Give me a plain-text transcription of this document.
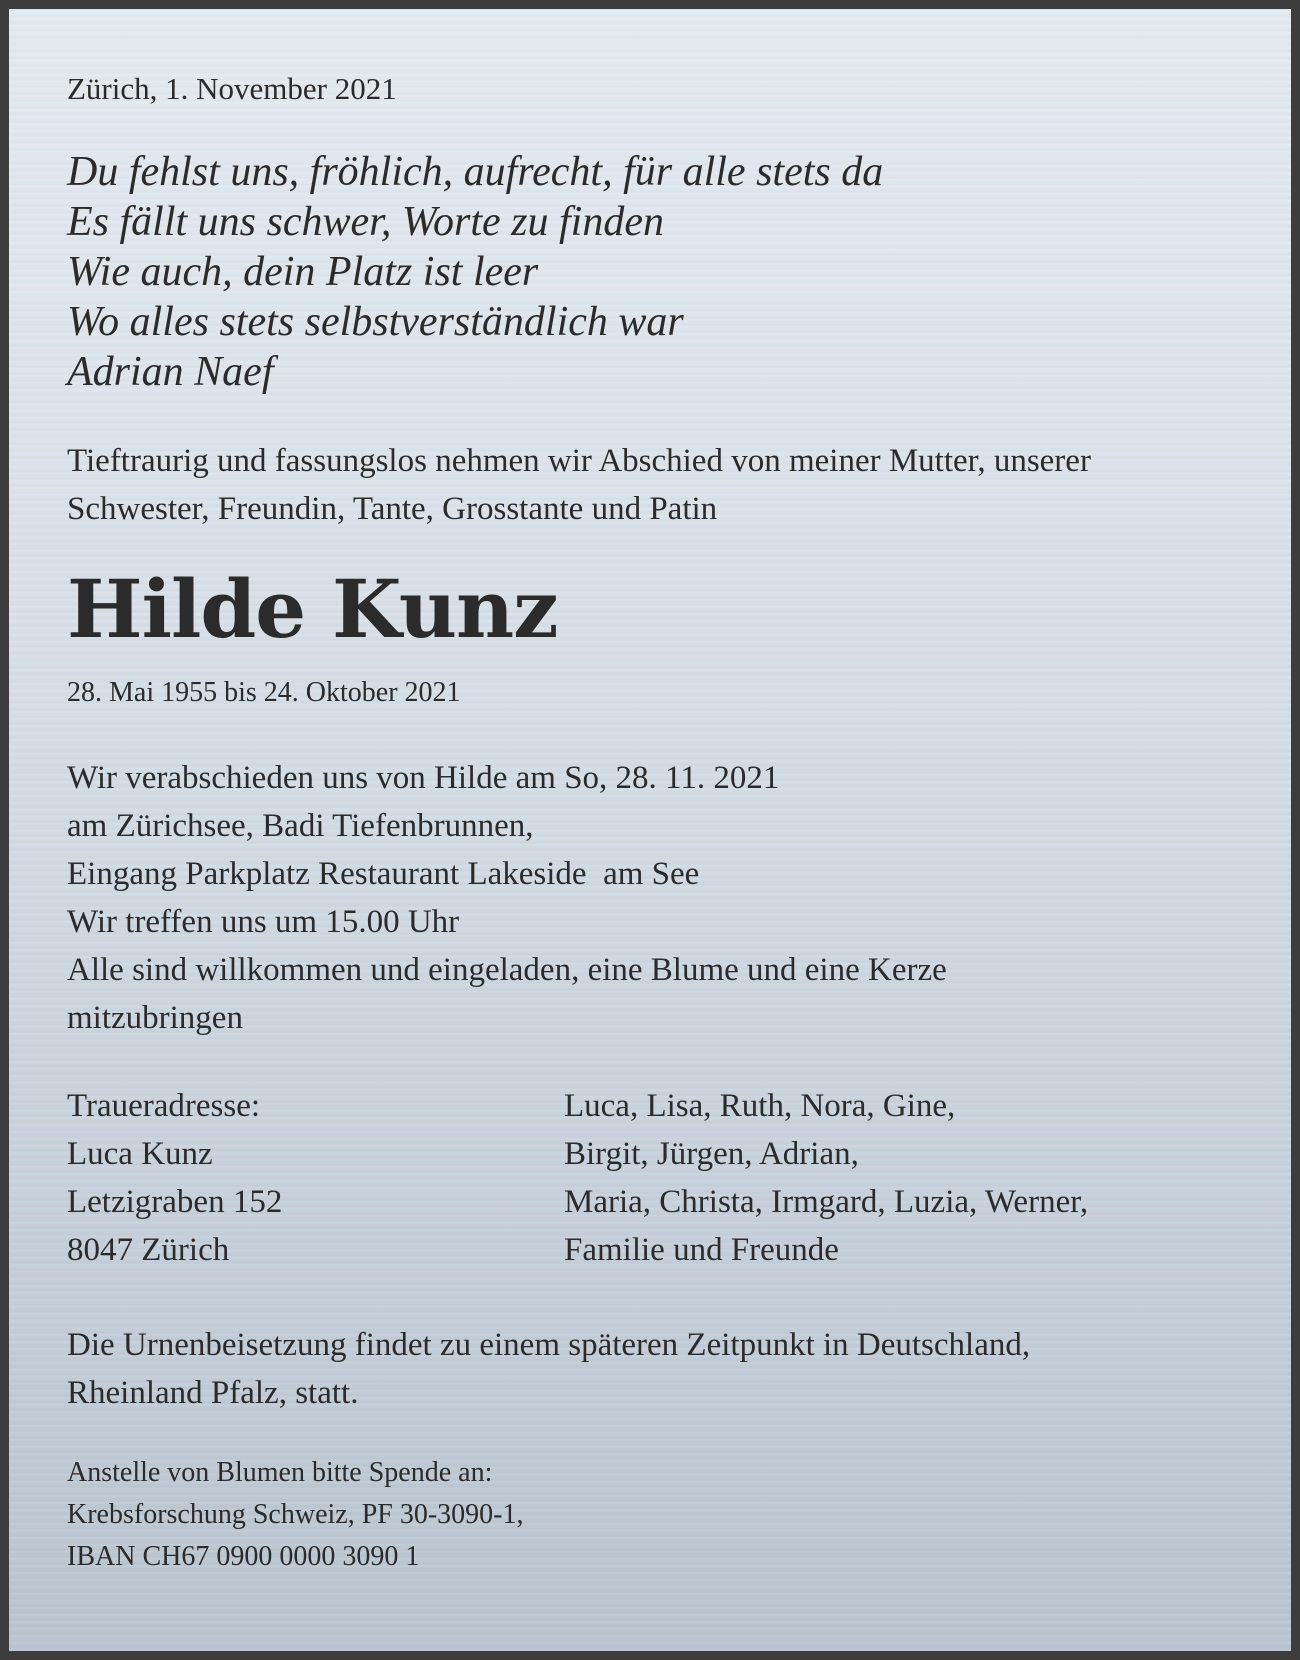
Zürich, 1. November 2021
Du fehlst uns, fröhlich, aufrecht, für alle stets da
Es fällt uns schwer, Worte zu finden
Wie auch, dein Platz ist leer
Wo alles stets selbstverständlich war
Adrian Naef
Tieftraurig und fassungslos nehmen wir Abschied von meiner Mutter, unserer
Schwester, Freundin, Tante, Grosstante und Patin
Hilde Kunz
28. Mai 1955 bis 24. Oktober 2021
Wir verabschieden uns von Hilde am So, 28. 11. 2021
am Zürichsee, Badi Tiefenbrunnen,
Eingang Parkplatz Restaurant Lakeside  am See
Wir treffen uns um 15.00 Uhr
Alle sind willkommen und eingeladen, eine Blume und eine Kerze
mitzubringen
Traueradresse:
Luca Kunz
Letzigraben 152
8047 Zürich
Luca, Lisa, Ruth, Nora, Gine,
Birgit, Jürgen, Adrian,
Maria, Christa, Irmgard, Luzia, Werner,
Familie und Freunde
Die Urnenbeisetzung findet zu einem späteren Zeitpunkt in Deutschland,
Rheinland Pfalz, statt.
Anstelle von Blumen bitte Spende an:
Krebsforschung Schweiz, PF 30-3090-1,
IBAN CH67 0900 0000 3090 1
